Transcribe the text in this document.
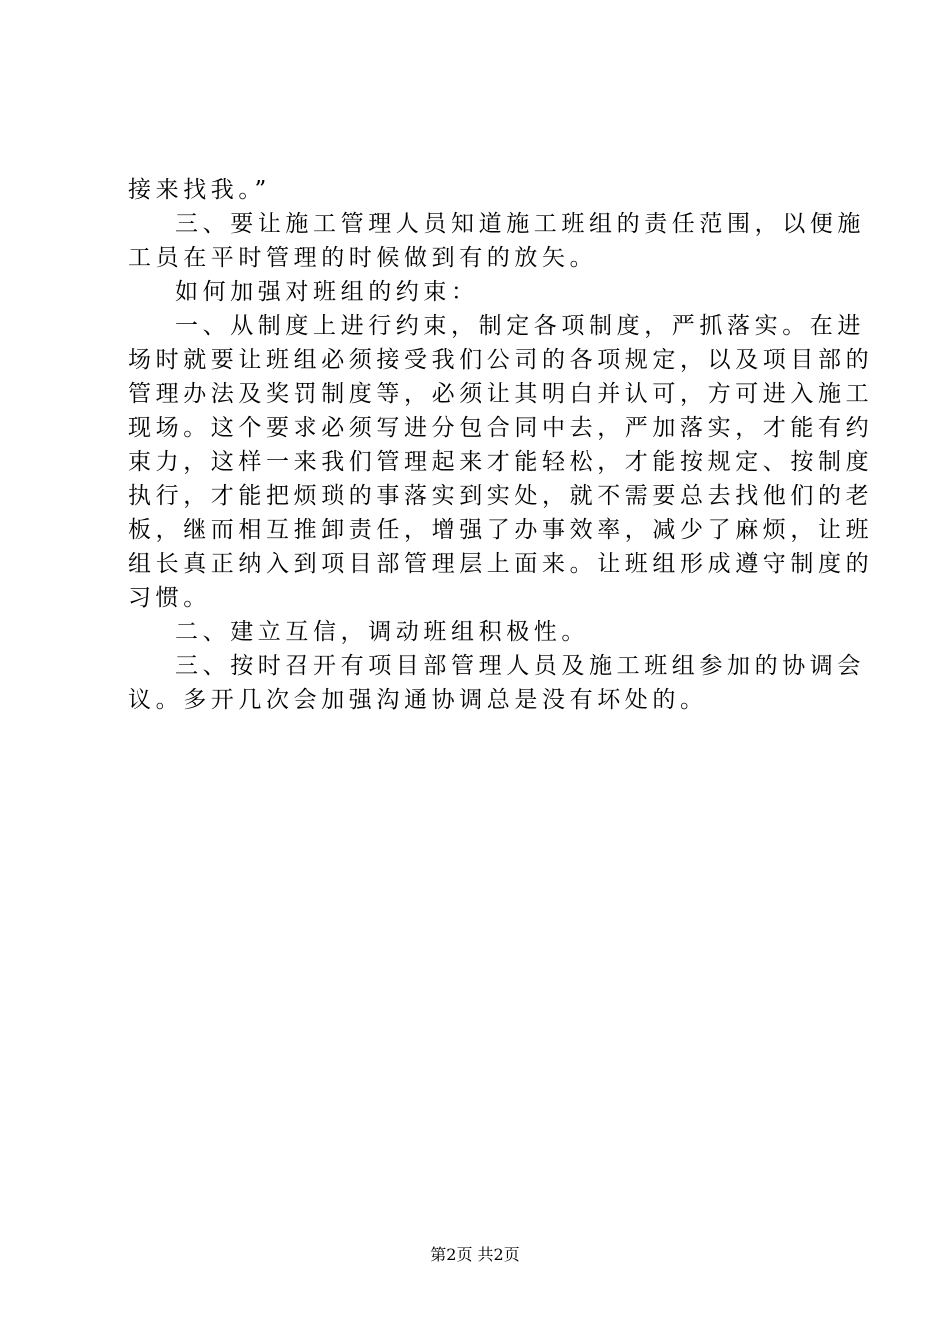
接来找我。”
三、要让施工管理人员知道施工班组的责任范围，以便施
工员在平时管理的时候做到有的放矢。
如何加强对班组的约束：
一、从制度上进行约束，制定各项制度，严抓落实。在进
场时就要让班组必须接受我们公司的各项规定，以及项目部的
管理办法及奖罚制度等，必须让其明白并认可，方可进入施工
现场。这个要求必须写进分包合同中去，严加落实，才能有约
束力，这样一来我们管理起来才能轻松，才能按规定、按制度
执行，才能把烦琐的事落实到实处，就不需要总去找他们的老
板，继而相互推卸责任，增强了办事效率，减少了麻烦，让班
组长真正纳入到项目部管理层上面来。让班组形成遵守制度的
习惯。
二、建立互信，调动班组积极性。
三、按时召开有项目部管理人员及施工班组参加的协调会
议。多开几次会加强沟通协调总是没有坏处的。
第2页 共2页
